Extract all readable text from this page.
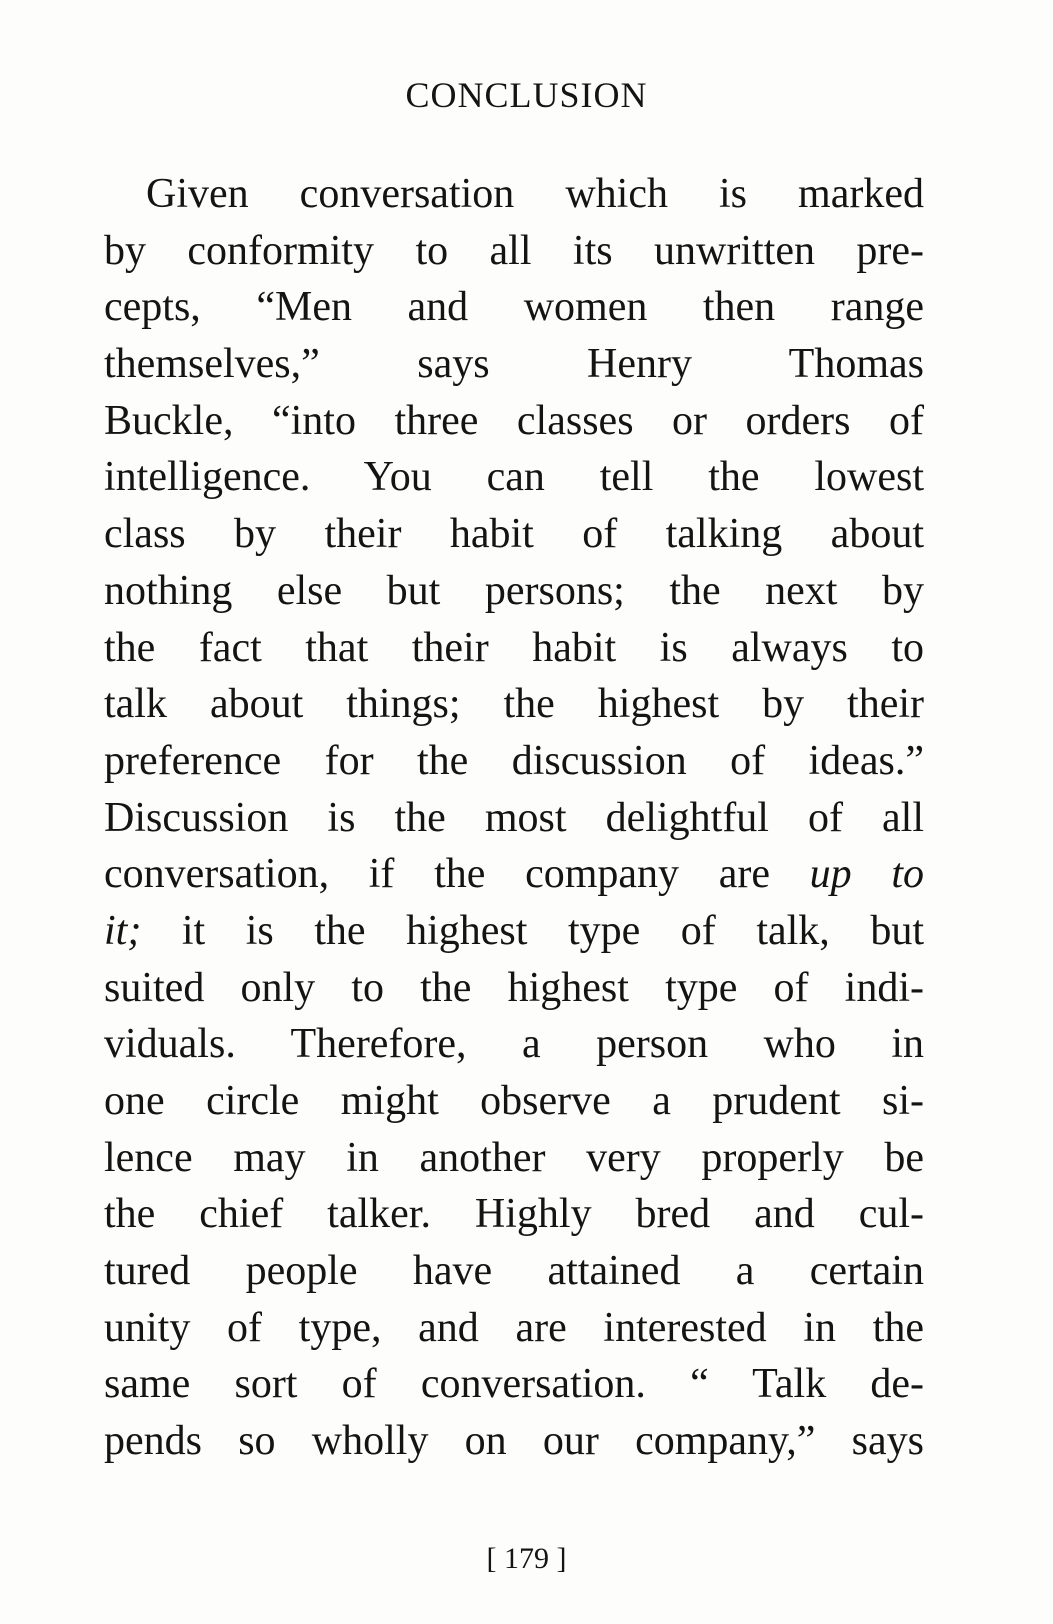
CONCLUSION
Given conversation which is marked
by conformity to all its unwritten pre-
cepts, “Men and women then range
themselves,” says Henry Thomas
Buckle, “into three classes or orders of
intelligence. You can tell the lowest
class by their habit of talking about
nothing else but persons; the next by
the fact that their habit is always to
talk about things; the highest by their
preference for the discussion of ideas.”
Discussion is the most delightful of all
conversation, if the company are up to
it; it is the highest type of talk, but
suited only to the highest type of indi-
viduals. Therefore, a person who in
one circle might observe a prudent si-
lence may in another very properly be
the chief talker. Highly bred and cul-
tured people have attained a certain
unity of type, and are interested in the
same sort of conversation. “ Talk de-
pends so wholly on our company,” says
[ 179 ]
